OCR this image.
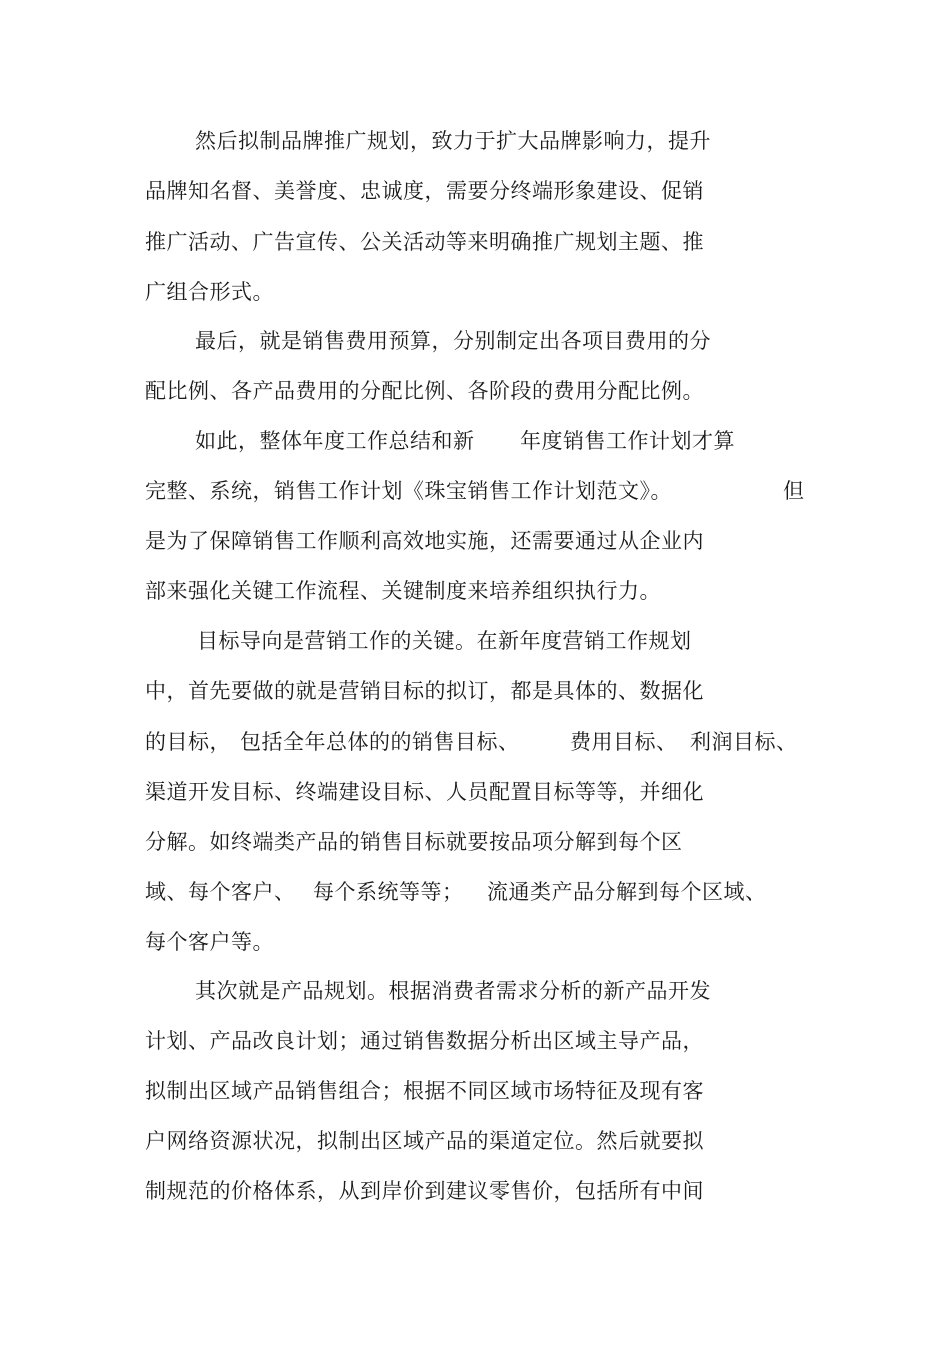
然后拟制品牌推广规划，致力于扩大品牌影响力，提升
品牌知名督、美誉度、忠诚度，需要分终端形象建设、促销
推广活动、广告宣传、公关活动等来明确推广规划主题、推
广组合形式。
最后，就是销售费用预算，分别制定出各项目费用的分
配比例、各产品费用的分配比例、各阶段的费用分配比例。
如此，整体年度工作总结和新 年度销售工作计划才算
完整、系统，销售工作计划《珠宝销售工作计划范文》。	但
是为了保障销售工作顺利高效地实施，还需要通过从企业内
部来强化关键工作流程、关键制度来培养组织执行力。
目标导向是营销工作的关键。在新年度营销工作规划
中，首先要做的就是营销目标的拟订，都是具体的、数据化
的目标， 包括全年总体的的销售目标、 费用目标、 利润目标、
渠道开发目标、终端建设目标、人员配置目标等等，并细化
分解。如终端类产品的销售目标就要按品项分解到每个区
域、每个客户、 每个系统等等； 流通类产品分解到每个区域、
每个客户等。
其次就是产品规划。根据消费者需求分析的新产品开发
计划、产品改良计划；通过销售数据分析出区域主导产品，
拟制出区域产品销售组合；根据不同区域市场特征及现有客
户网络资源状况，拟制出区域产品的渠道定位。然后就要拟
制规范的价格体系，从到岸价到建议零售价，包括所有中间
